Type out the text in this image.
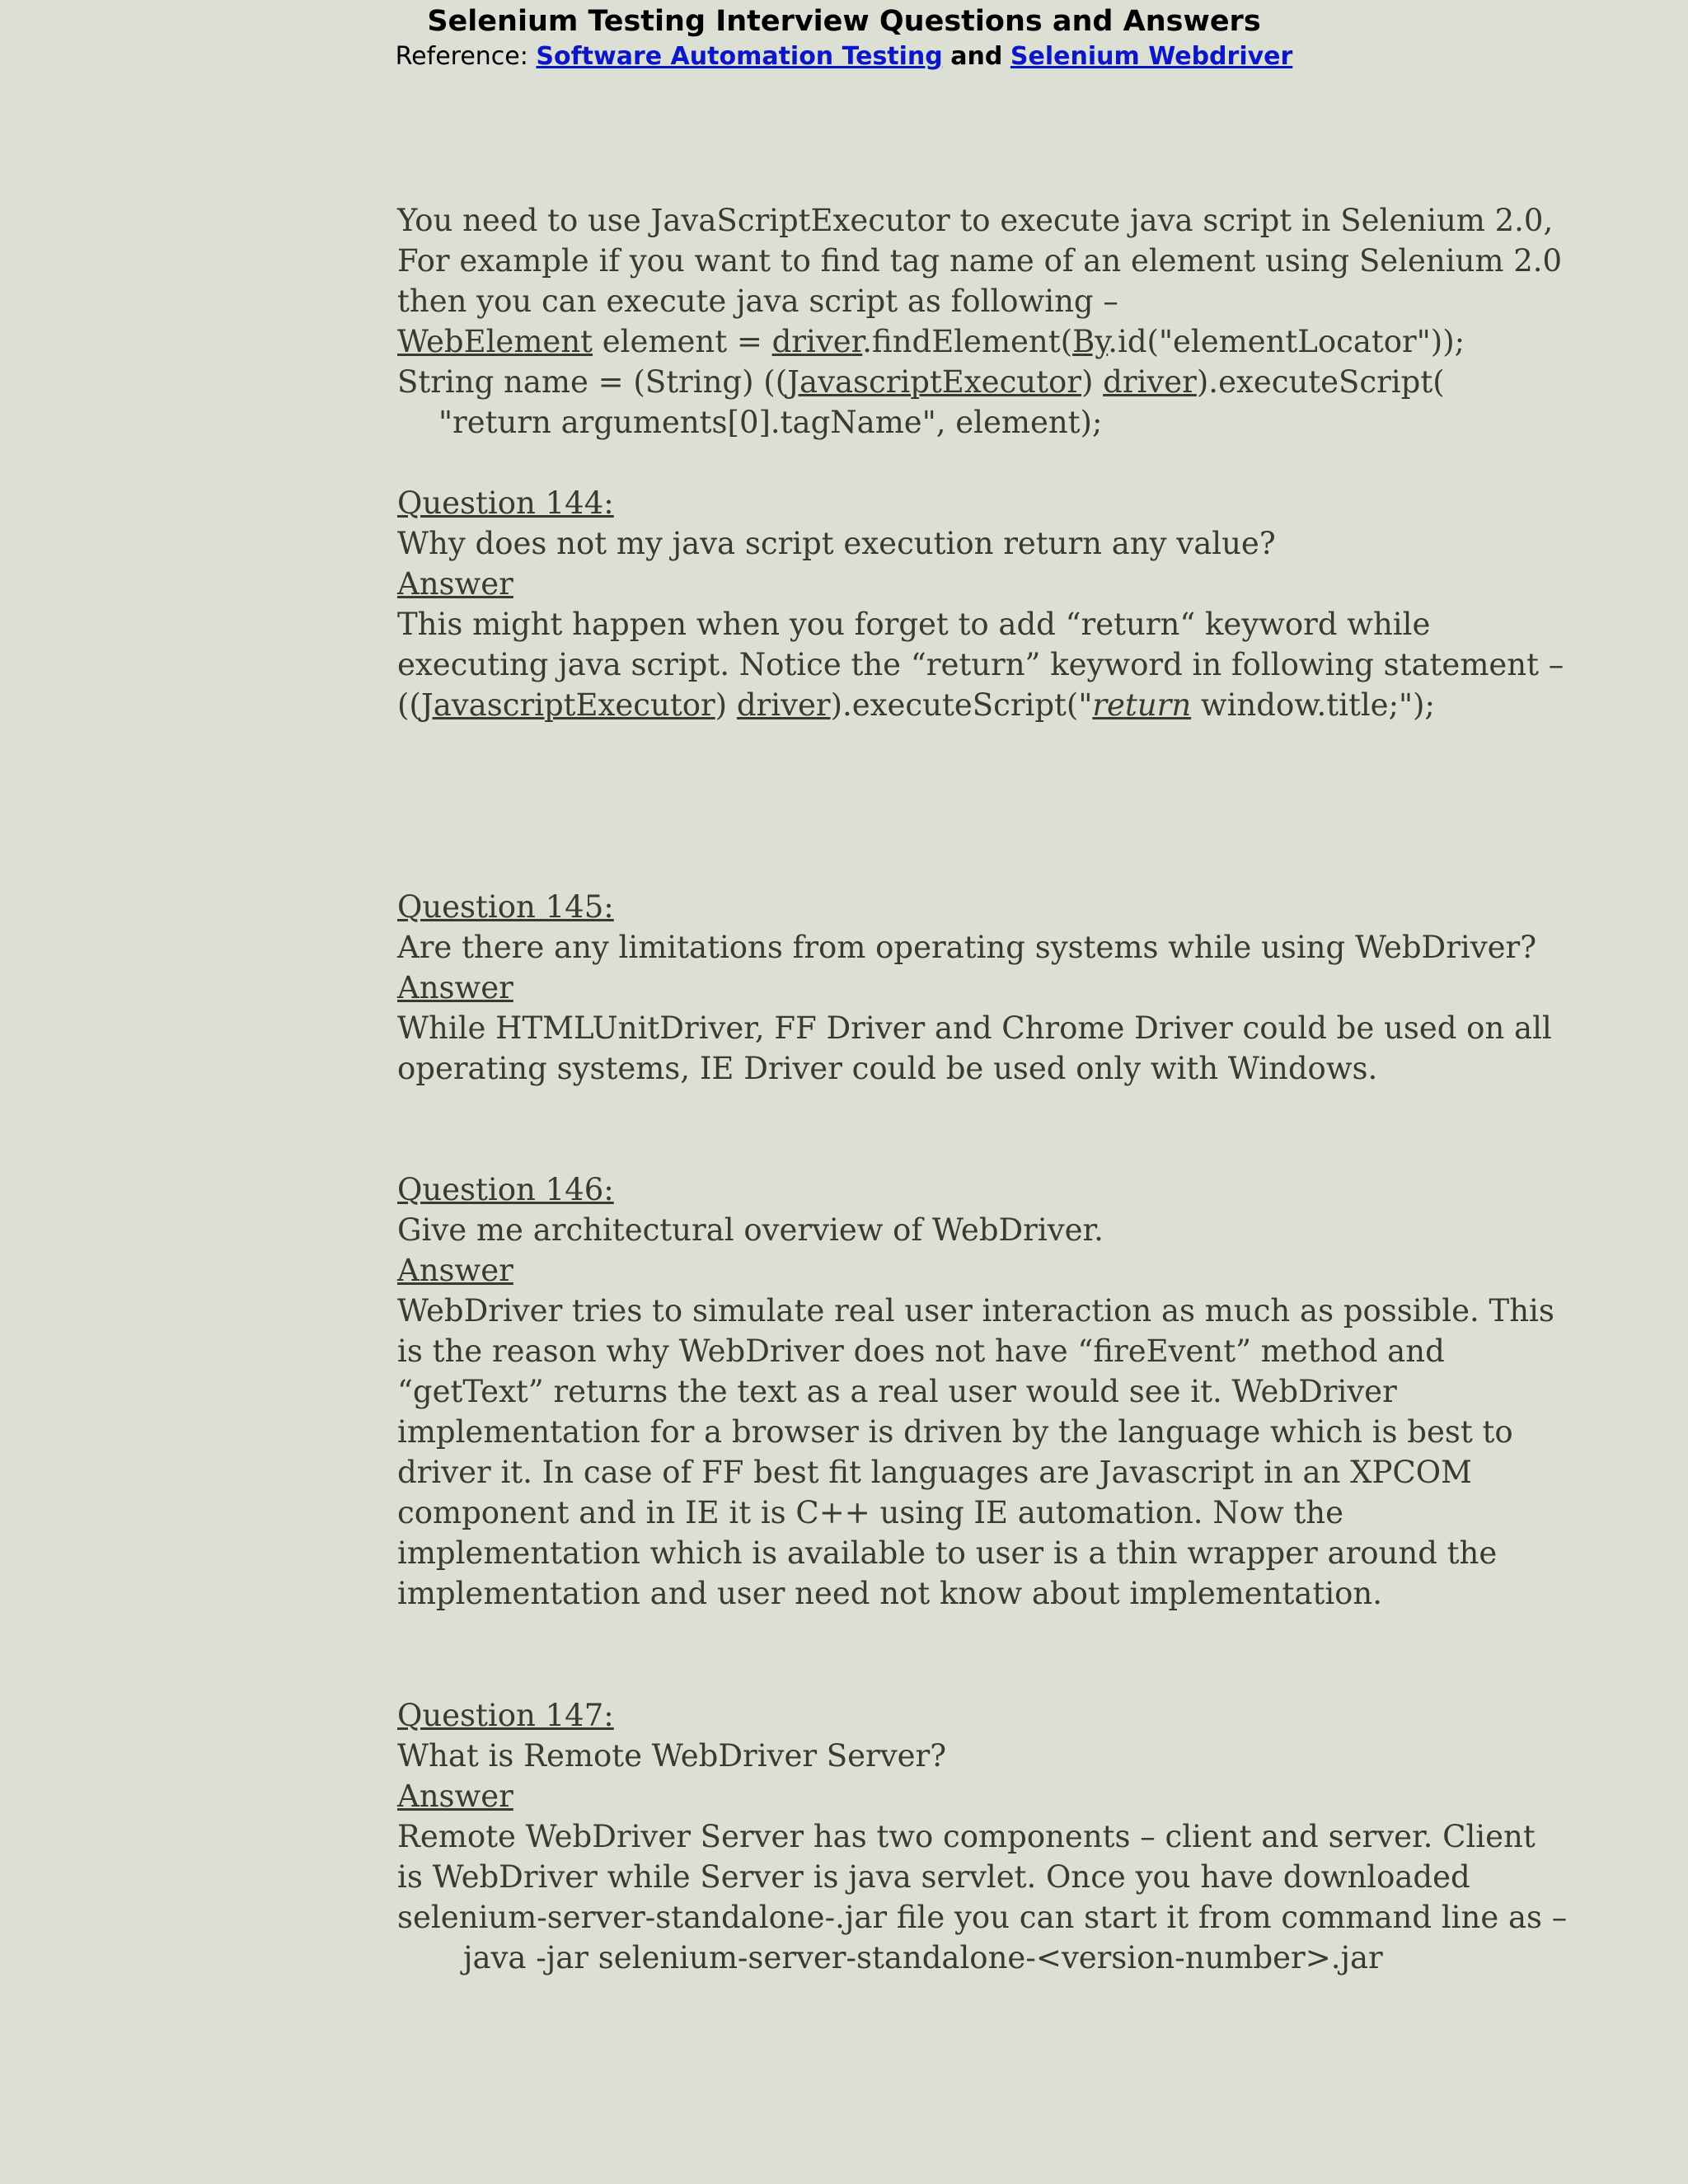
Selenium Testing Interview Questions and Answers
Reference: Software Automation Testing and Selenium Webdriver

You need to use JavaScriptExecutor to execute java script in Selenium 2.0,

For example if you want to find tag name of an element using Selenium 2.0

then you can execute java script as following –

WebElement element = driver.findElement(By.id("elementLocator"));

String name = (String) ((JavascriptExecutor) driver).executeScript(

"return arguments[0].tagName", element);

Question 144:

Why does not my java script execution return any value?

Answer

This might happen when you forget to add “return“ keyword while

executing java script. Notice the “return” keyword in following statement –

((JavascriptExecutor) driver).executeScript("return window.title;");

Question 145:

Are there any limitations from operating systems while using WebDriver?

Answer

While HTMLUnitDriver, FF Driver and Chrome Driver could be used on all

operating systems, IE Driver could be used only with Windows.

Question 146:

Give me architectural overview of WebDriver.

Answer

WebDriver tries to simulate real user interaction as much as possible. This

is the reason why WebDriver does not have “fireEvent” method and

“getText” returns the text as a real user would see it. WebDriver

implementation for a browser is driven by the language which is best to

driver it. In case of FF best fit languages are Javascript in an XPCOM

component and in IE it is C++ using IE automation. Now the

implementation which is available to user is a thin wrapper around the

implementation and user need not know about implementation.

Question 147:

What is Remote WebDriver Server?

Answer

Remote WebDriver Server has two components – client and server. Client

is WebDriver while Server is java servlet. Once you have downloaded

selenium-server-standalone-.jar file you can start it from command line as –

java -jar selenium-server-standalone-<version-number>.jar
